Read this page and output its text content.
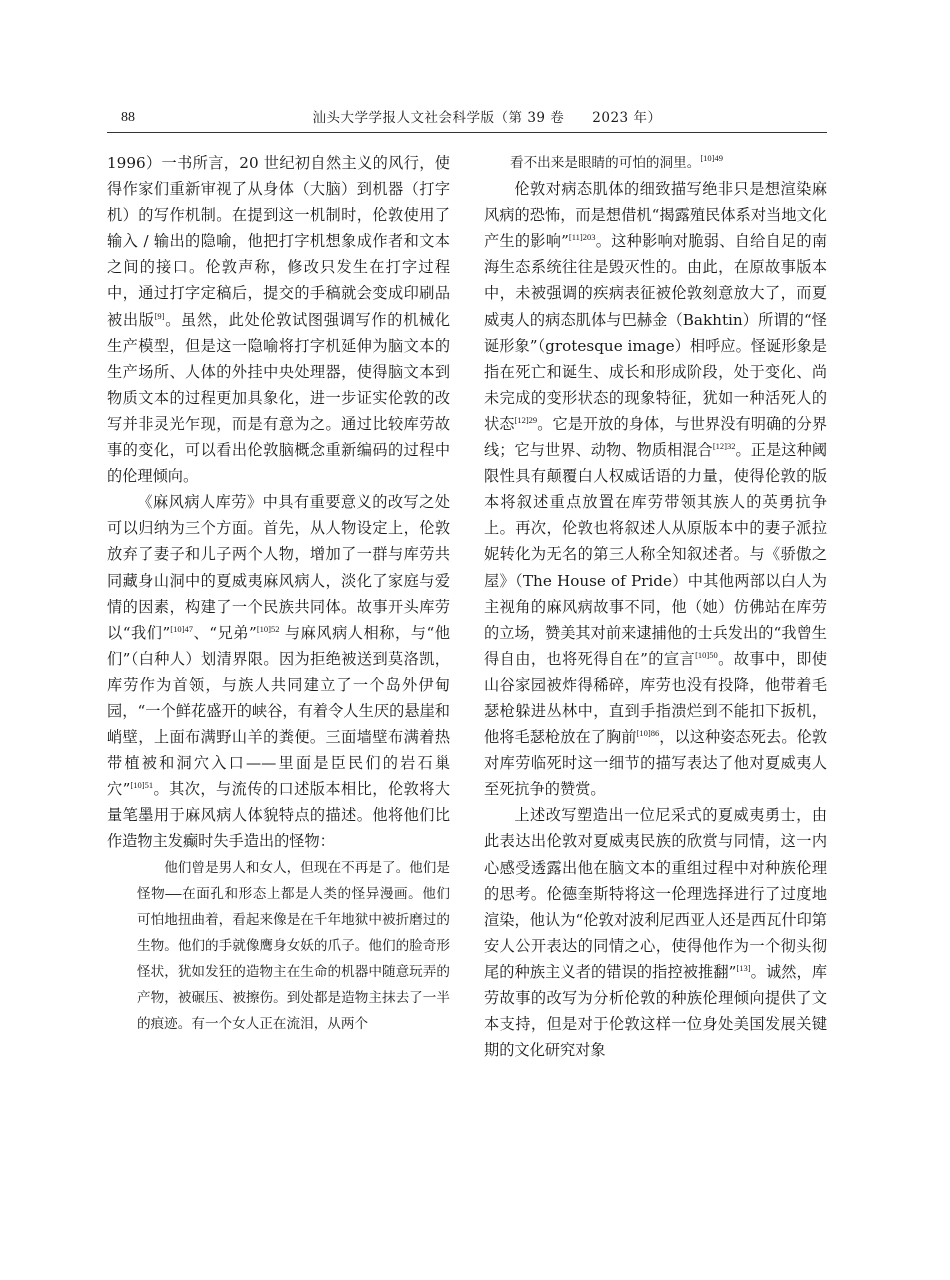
88	汕头大学学报人文社会科学版（第 39 卷　　2023 年）

1996）一书所言，20 世纪初自然主义的风行，使得作家们重新审视了从身体（大脑）到机器（打字机）的写作机制。在提到这一机制时，伦敦使用了输入 / 输出的隐喻，他把打字机想象成作者和文本之间的接口。伦敦声称，修改只发生在打字过程中，通过打字定稿后，提交的手稿就会变成印刷品被出版[9]。虽然，此处伦敦试图强调写作的机械化生产模型，但是这一隐喻将打字机延伸为脑文本的生产场所、人体的外挂中央处理器，使得脑文本到物质文本的过程更加具象化，进一步证实伦敦的改写并非灵光乍现，而是有意为之。通过比较库劳故事的变化，可以看出伦敦脑概念重新编码的过程中的伦理倾向。

《麻风病人库劳》中具有重要意义的改写之处可以归纳为三个方面。首先，从人物设定上，伦敦放弃了妻子和儿子两个人物，增加了一群与库劳共同藏身山洞中的夏威夷麻风病人，淡化了家庭与爱情的因素，构建了一个民族共同体。故事开头库劳以“我们”$^{[10]47}$、“兄弟”$^{[10]52}$ 与麻风病人相称，与“他们”（白种人）划清界限。因为拒绝被送到莫洛凯，库劳作为首领，与族人共同建立了一个岛外伊甸园，“一个鲜花盛开的峡谷，有着令人生厌的悬崖和峭壁，上面布满野山羊的粪便。三面墙壁布满着热带植被和洞穴入口——里面是臣民们的岩石巢穴”$^{[10]51}$。其次，与流传的口述版本相比，伦敦将大量笔墨用于麻风病人体貌特点的描述。他将他们比作造物主发癫时失手造出的怪物：

他们曾是男人和女人，但现在不再是了。他们是怪物——在面孔和形态上都是人类的怪异漫画。他们可怕地扭曲着，看起来像是在千年地狱中被折磨过的生物。他们的手就像鹰身女妖的爪子。他们的脸奇形怪状，犹如发狂的造物主在生命的机器中随意玩弄的产物，被碾压、被擦伤。到处都是造物主抹去了一半的痕迹。有一个女人正在流泪，从两个

看不出来是眼睛的可怕的洞里。$^{[10]49}$

伦敦对病态肌体的细致描写绝非只是想渲染麻风病的恐怖，而是想借机“揭露殖民体系对当地文化产生的影响”$^{[11]203}$。这种影响对脆弱、自给自足的南海生态系统往往是毁灭性的。由此，在原故事版本中，未被强调的疾病表征被伦敦刻意放大了，而夏威夷人的病态肌体与巴赫金（Bakhtin）所谓的“怪诞形象”（grotesque image）相呼应。怪诞形象是指在死亡和诞生、成长和形成阶段，处于变化、尚未完成的变形状态的现象特征，犹如一种活死人的状态$^{[12]29}$。它是开放的身体，与世界没有明确的分界线；它与世界、动物、物质相混合$^{[12]32}$。正是这种阈限性具有颠覆白人权威话语的力量，使得伦敦的版本将叙述重点放置在库劳带领其族人的英勇抗争上。再次，伦敦也将叙述人从原版本中的妻子派拉妮转化为无名的第三人称全知叙述者。与《骄傲之屋》（The House of Pride）中其他两部以白人为主视角的麻风病故事不同，他（她）仿佛站在库劳的立场，赞美其对前来逮捕他的士兵发出的“我曾生得自由，也将死得自在”的宣言$^{[10]50}$。故事中，即使山谷家园被炸得稀碎，库劳也没有投降，他带着毛瑟枪躲进丛林中，直到手指溃烂到不能扣下扳机，他将毛瑟枪放在了胸前$^{[10]86}$，以这种姿态死去。伦敦对库劳临死时这一细节的描写表达了他对夏威夷人至死抗争的赞赏。

上述改写塑造出一位尼采式的夏威夷勇士，由此表达出伦敦对夏威夷民族的欣赏与同情，这一内心感受透露出他在脑文本的重组过程中对种族伦理的思考。伦德奎斯特将这一伦理选择进行了过度地渲染，他认为“伦敦对波利尼西亚人还是西瓦什印第安人公开表达的同情之心，使得他作为一个彻头彻尾的种族主义者的错误的指控被推翻”[13]。诚然，库劳故事的改写为分析伦敦的种族伦理倾向提供了文本支持，但是对于伦敦这样一位身处美国发展关键期的文化研究对象
